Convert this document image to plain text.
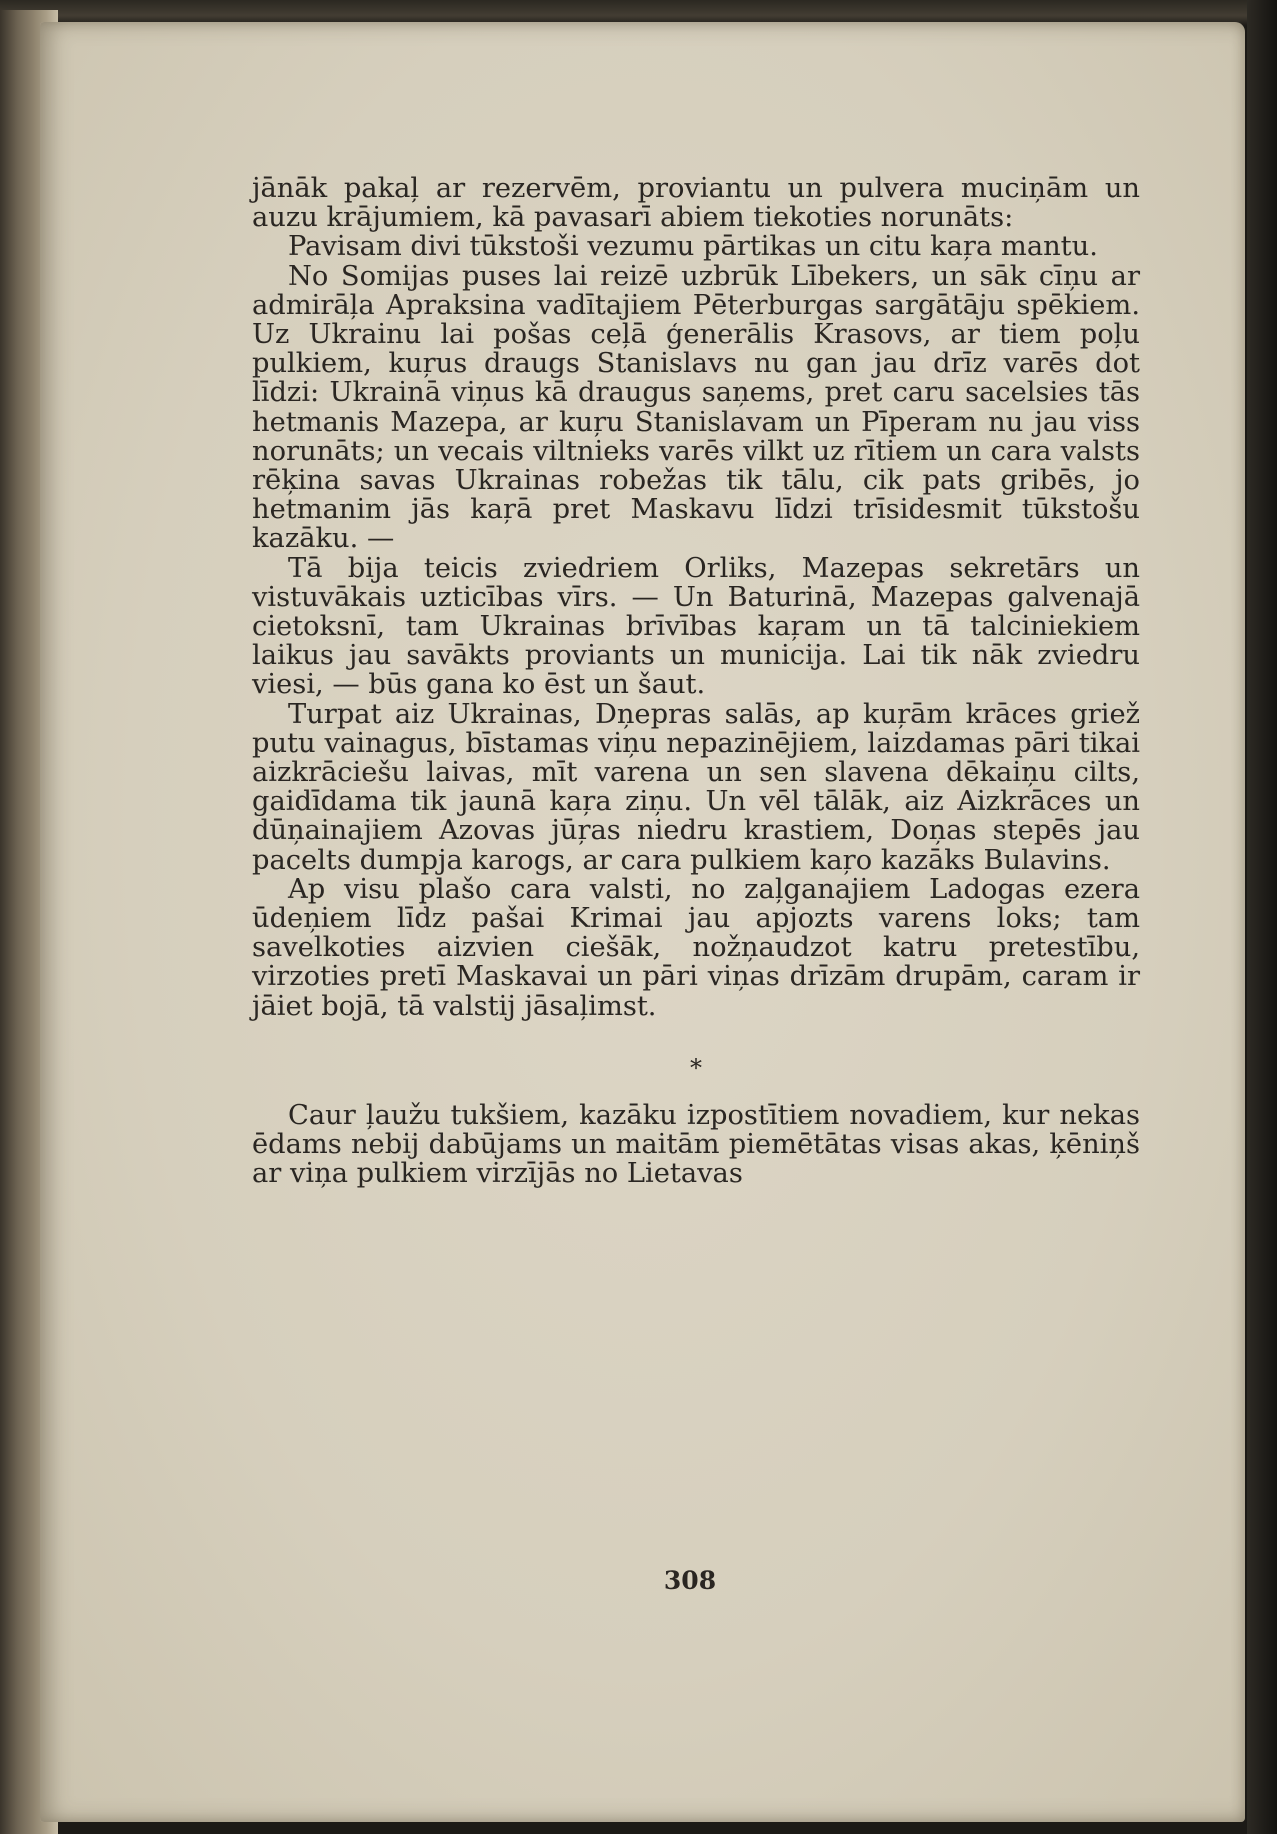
jānāk pakaļ ar rezervēm, proviantu un pulvera muciņām un auzu krājumiem, kā pavasarī abiem tiekoties norunāts:

Pavisam divi tūkstoši vezumu pārtikas un citu kaŗa mantu.

No Somijas puses lai reizē uzbrūk Lībekers, un sāk cīņu ar admirāļa Apraksina vadītajiem Pēterburgas sargātāju spēkiem. Uz Ukrainu lai pošas ceļā ģenerālis Krasovs, ar tiem poļu pulkiem, kuŗus draugs Stanislavs nu gan jau drīz varēs dot līdzi: Ukrainā viņus kā draugus saņems, pret caru sacelsies tās hetmanis Mazepa, ar kuŗu Stanislavam un Pīperam nu jau viss norunāts; un vecais viltnieks varēs vilkt uz rītiem un cara valsts rēķina savas Ukrainas robežas tik tālu, cik pats gribēs, jo hetmanim jās kaŗā pret Maskavu līdzi trīsidesmit tūkstošu kazāku. —

Tā bija teicis zviedriem Orliks, Mazepas sekretārs un vistuvākais uzticības vīrs. — Un Baturinā, Mazepas galvenajā cietoksnī, tam Ukrainas brīvības kaŗam un tā talciniekiem laikus jau savākts proviants un municija. Lai tik nāk zviedru viesi, — būs gana ko ēst un šaut.

Turpat aiz Ukrainas, Dņepras salās, ap kuŗām krāces griež putu vainagus, bīstamas viņu nepazinējiem, laizdamas pāri tikai aizkrāciešu laivas, mīt varena un sen slavena dēkaiņu cilts, gaidīdama tik jaunā kaŗa ziņu. Un vēl tālāk, aiz Aizkrāces un dūņainajiem Azovas jūŗas niedru krastiem, Doņas stepēs jau pacelts dumpja karogs, ar cara pulkiem kaŗo kazāks Bulavins.

Ap visu plašo cara valsti, no zaļganajiem Ladogas ezera ūdeņiem līdz pašai Krimai jau apjozts varens loks; tam savelkoties aizvien ciešāk, nožņaudzot katru pretestību, virzoties pretī Maskavai un pāri viņas drīzām drupām, caram ir jāiet bojā, tā valstij jāsaļimst.

*

Caur ļaužu tukšiem, kazāku izpostītiem novadiem, kur nekas ēdams nebij dabūjams un maitām piemētātas visas akas, ķēniņš ar viņa pulkiem virzījās no Lietavas

308
